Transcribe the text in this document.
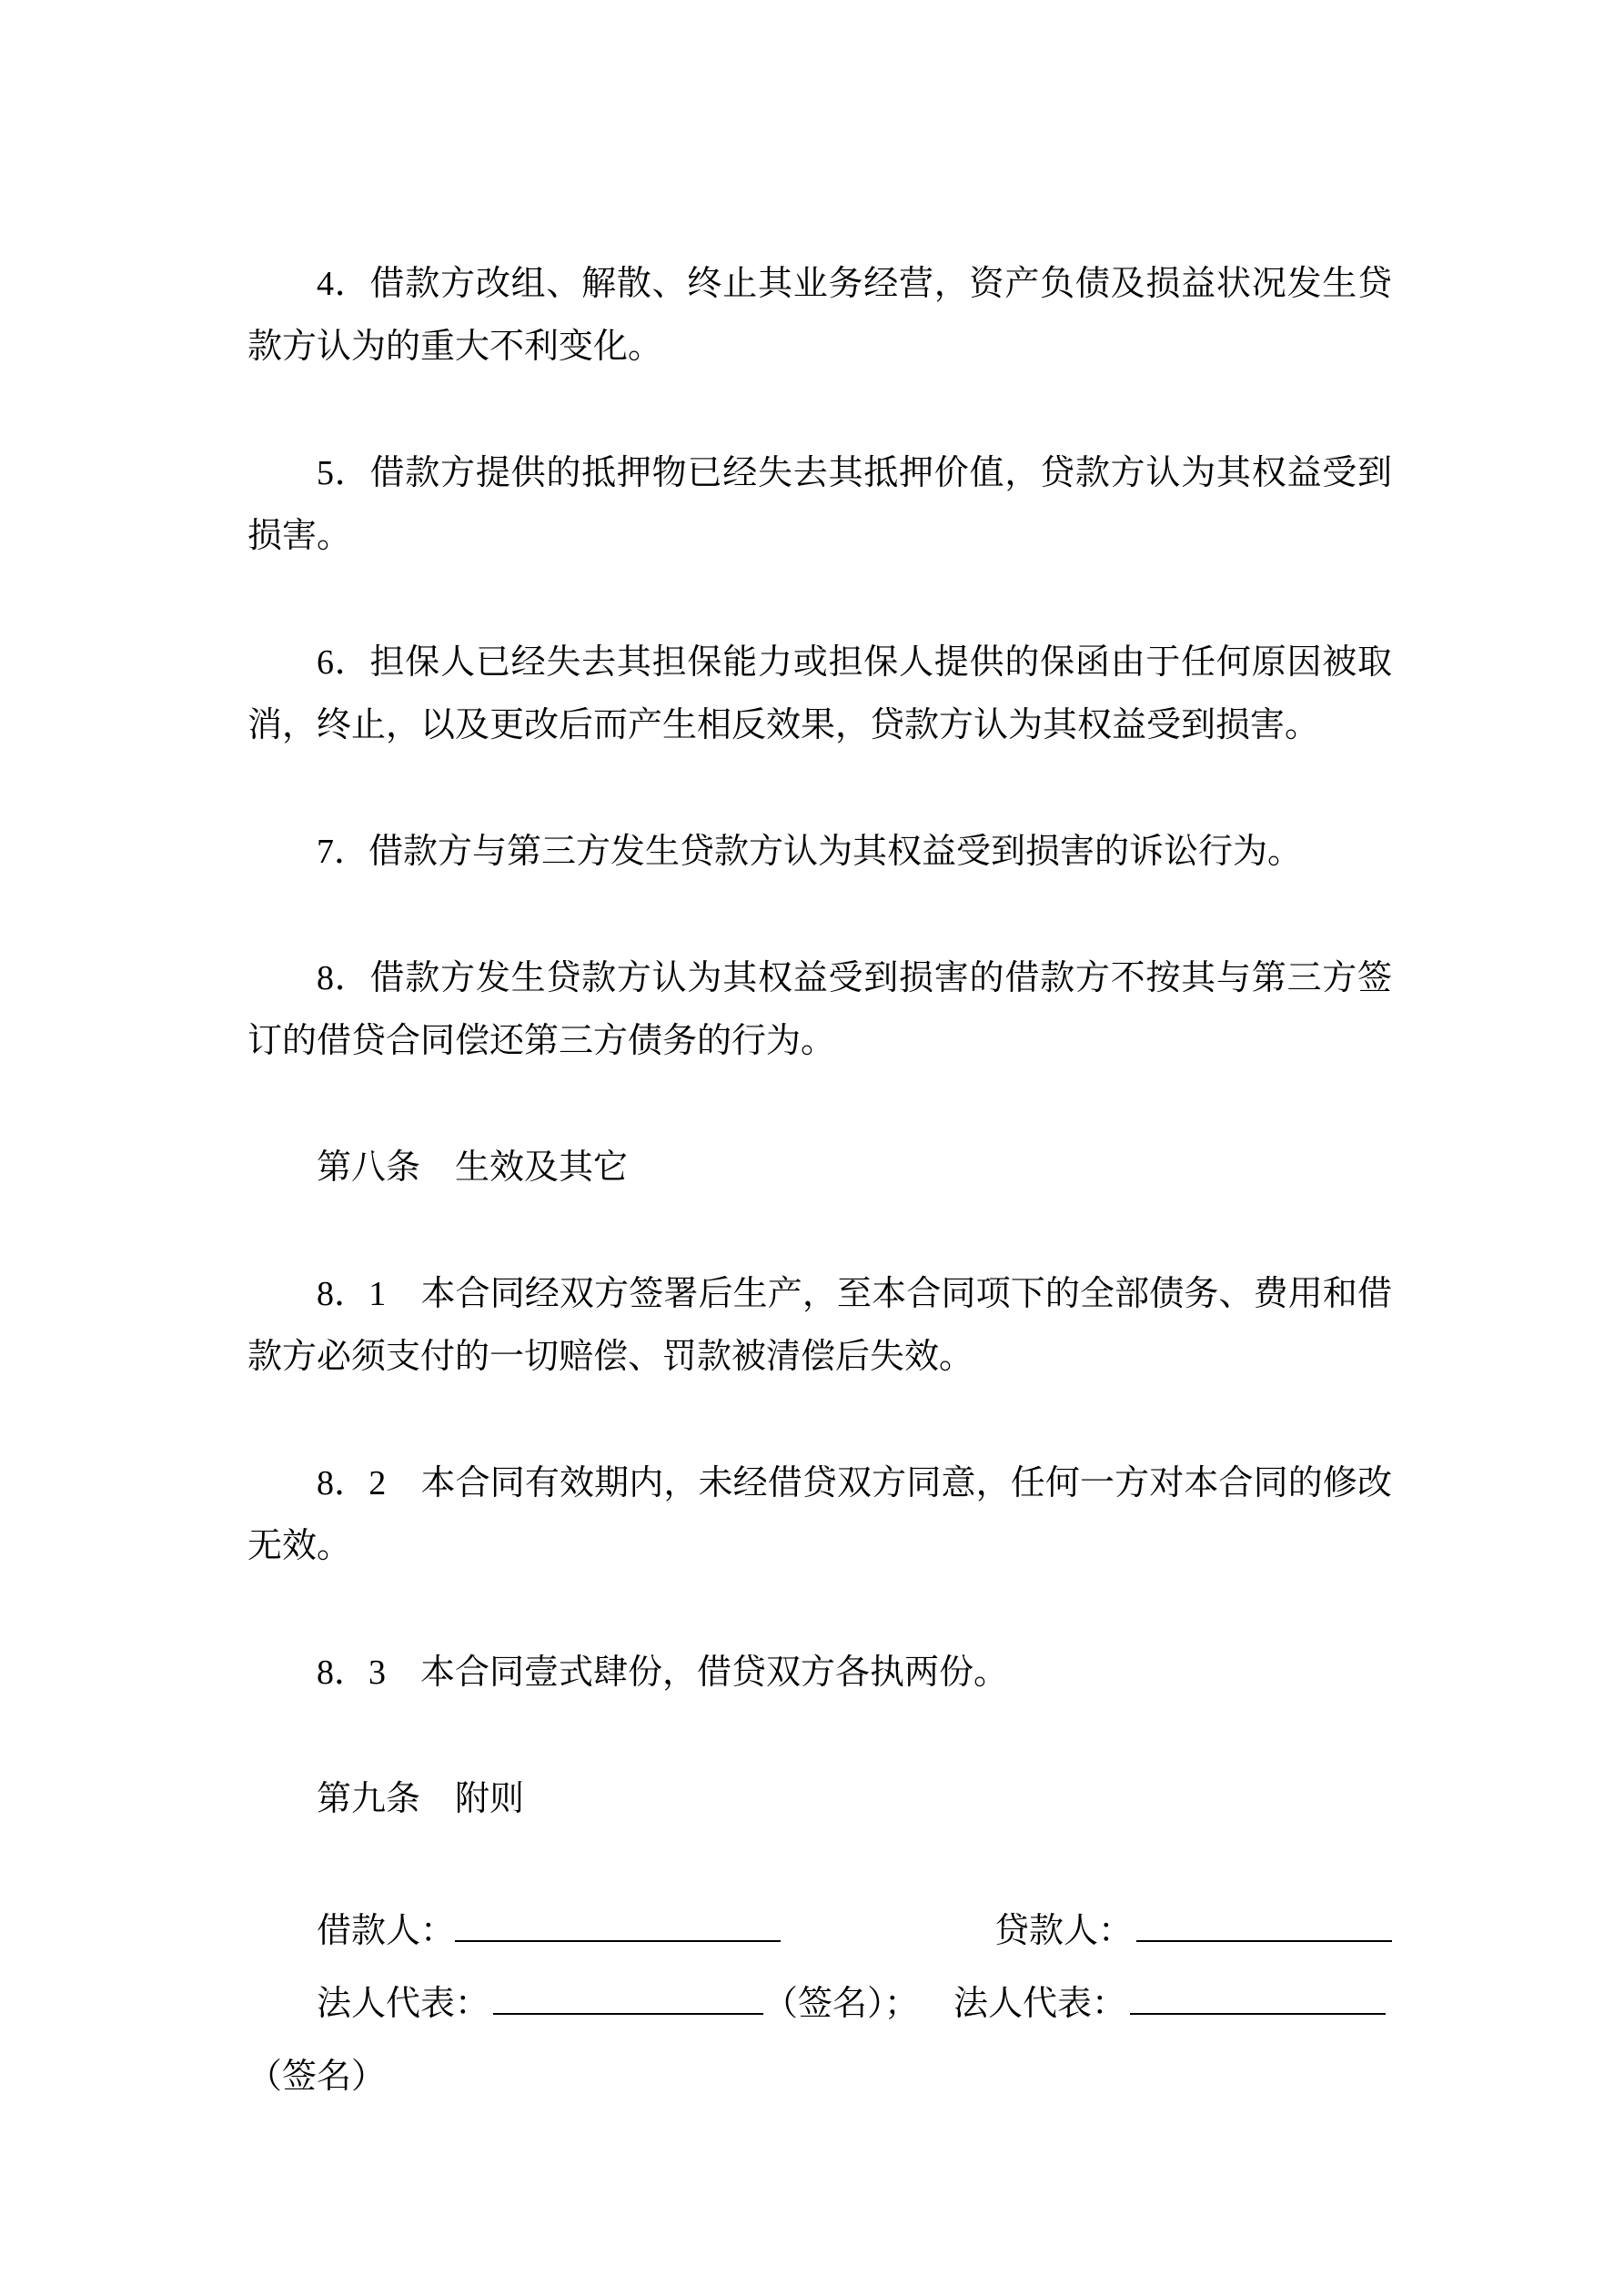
4．借款方改组、解散、终止其业务经营，资产负债及损益状况发生贷款方认为的重大不利变化。

5．借款方提供的抵押物已经失去其抵押价值，贷款方认为其权益受到损害。

6．担保人已经失去其担保能力或担保人提供的保函由于任何原因被取消，终止，以及更改后而产生相反效果，贷款方认为其权益受到损害。

7．借款方与第三方发生贷款方认为其权益受到损害的诉讼行为。

8．借款方发生贷款方认为其权益受到损害的借款方不按其与第三方签订的借贷合同偿还第三方债务的行为。

第八条　生效及其它

8．1　本合同经双方签署后生产，至本合同项下的全部债务、费用和借款方必须支付的一切赔偿、罚款被清偿后失效。

8．2　本合同有效期内，未经借贷双方同意，任何一方对本合同的修改无效。

8．3　本合同壹式肆份，借贷双方各执两份。

第九条　附则

借款人：	贷款人：
法人代表：	（签名）； 法人代表：
（签名）
